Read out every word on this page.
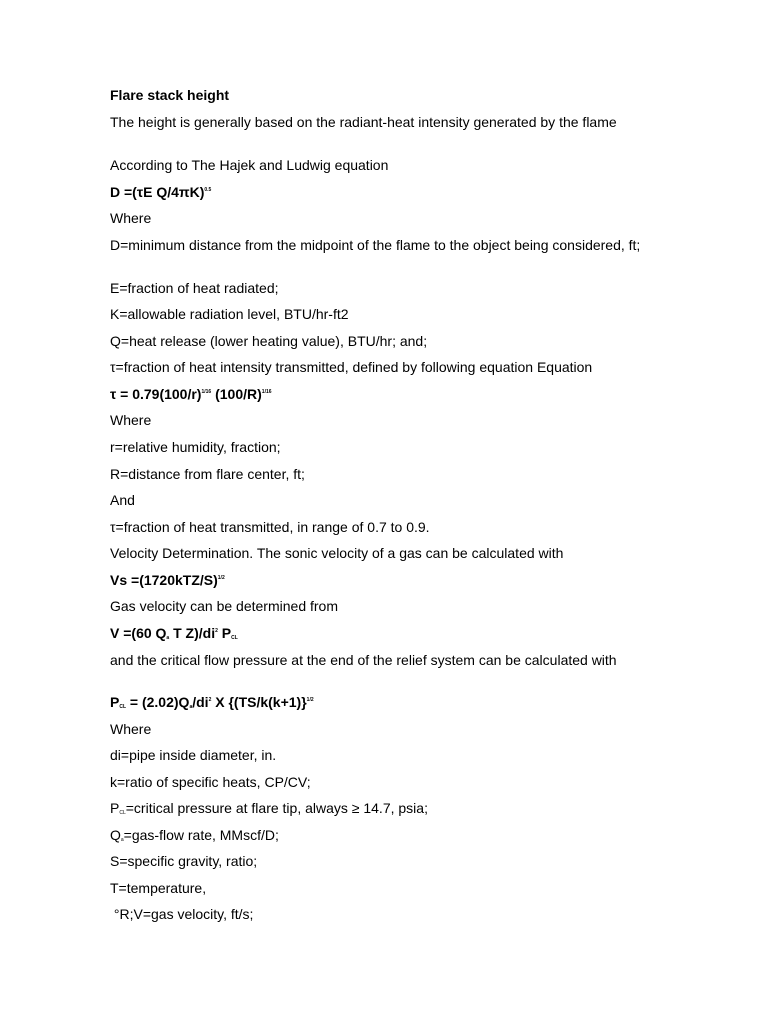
Flare stack height

The height is generally based on the radiant-heat intensity generated by the flame

According to The Hajek and Ludwig equation

D =(τE Q/4πK)$^{0.5}$

Where

D=minimum distance from the midpoint of the flame to the object being considered, ft;

E=fraction of heat radiated;

K=allowable radiation level, BTU/hr-ft2

Q=heat release (lower heating value), BTU/hr; and;

τ=fraction of heat intensity transmitted, defined by following equation Equation

$\tau = 0.79(100/r)^{1/16}$ $(100/R)^{1/16}$

Where

r=relative humidity, fraction;

R=distance from flare center, ft;

And

τ=fraction of heat transmitted, in range of 0.7 to 0.9.

Velocity Determination. The sonic velocity of a gas can be calculated with

$Vs =(1720kTZ/S)^{1/2}$

Gas velocity can be determined from

V =(60 $Q_a$ T $Z)/di^2$ $P_{CL}$

and the critical flow pressure at the end of the relief system can be calculated with

$P_{CL} = (2.02)Q_a/di^2$ X {$(TS/k(k+1)\}^{1/2}$

Where

di=pipe inside diameter, in.

k=ratio of specific heats, CP/CV;

$P_{CL}=critical$ pressure at flare tip, always ≥ 14.7, psia;

$Q_a=gas$-flow rate, MMscf/D;

S=specific gravity, ratio;

T=temperature,

°R;V=gas velocity, ft/s;
